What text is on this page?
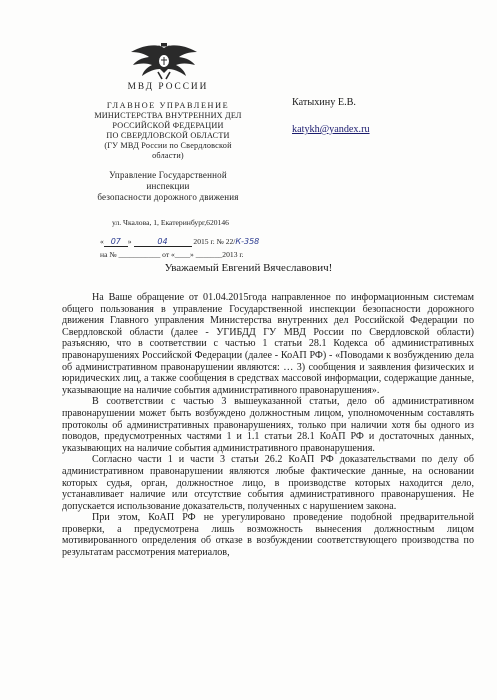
МВД РОССИИ

ГЛАВНОЕ УПРАВЛЕНИЕ

МИНИСТЕРСТВА ВНУТРЕННИХ ДЕЛ

РОССИЙСКОЙ ФЕДЕРАЦИИ

ПО СВЕРДЛОВСКОЙ ОБЛАСТИ

(ГУ МВД России по Свердловской области)

Управление Государственной инспекции

безопасности дорожного движения

Катыхину Е.В.
katykh@yandex.ru
ул. Чкалова, 1, Екатеринбург,620146
« 07 »	04	2015 г. № 22/К-358
на № ___________ от «____» _______2013 г.
Уважаемый Евгений Вячеславович!

На Ваше обращение от 01.04.2015года направленное по информационным системам общего пользования в управление Государственной инспекции безопасности дорожного движения Главного управления Министерства внутренних дел Российской Федерации по Свердловской области (далее - УГИБДД ГУ МВД России по Свердловской области) разъясняю, что в соответствии с частью 1 статьи 28.1 Кодекса об административных правонарушениях Российской Федерации (далее - КоАП РФ) - «Поводами к возбуждению дела об административном правонарушении являются: … 3) сообщения и заявления физических и юридических лиц, а также сообщения в средствах массовой информации, содержащие данные, указывающие на наличие события административного правонарушения».

В соответствии с частью 3 вышеуказанной статьи, дело об административном правонарушении может быть возбуждено должностным лицом, уполномоченным составлять протоколы об административных правонарушениях, только при наличии хотя бы одного из поводов, предусмотренных частями 1 и 1.1 статьи 28.1 КоАП РФ и достаточных данных, указывающих на наличие события административного правонарушения.

Согласно части 1 и части 3 статьи 26.2 КоАП РФ доказательствами по делу об административном правонарушении являются любые фактические данные, на основании которых судья, орган, должностное лицо, в производстве которых находится дело, устанавливает наличие или отсутствие события административного правонарушения. Не допускается использование доказательств, полученных с нарушением закона.

При этом, КоАП РФ не урегулировано проведение подобной предварительной проверки, а предусмотрена лишь возможность вынесения должностным лицом мотивированного определения об отказе в возбуждении соответствующего производства по результатам рассмотрения материалов,
